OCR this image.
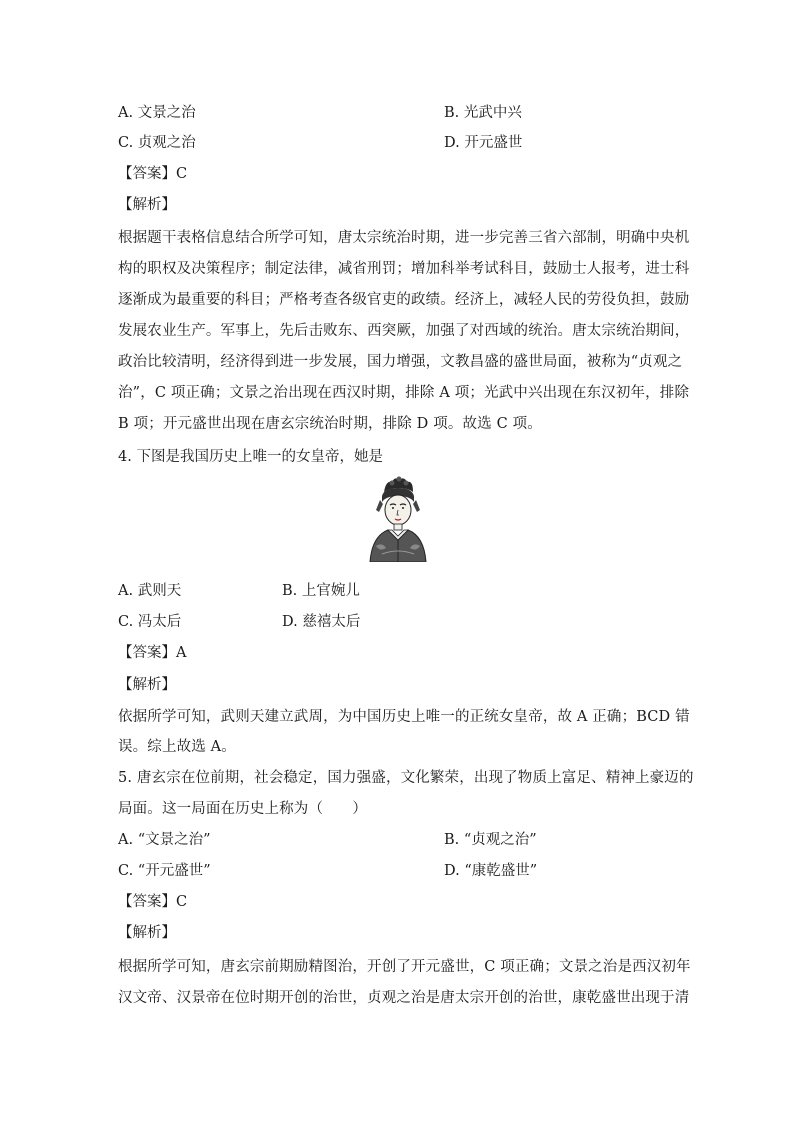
A. 文景之治	B. 光武中兴
C. 贞观之治	D. 开元盛世
【答案】C
【解析】
根据题干表格信息结合所学可知，唐太宗统治时期，进一步完善三省六部制，明确中央机
构的职权及决策程序；制定法律，减省刑罚；增加科举考试科目，鼓励士人报考，进士科
逐渐成为最重要的科目；严格考查各级官吏的政绩。经济上，减轻人民的劳役负担，鼓励
发展农业生产。军事上，先后击败东、西突厥，加强了对西域的统治。唐太宗统治期间，
政治比较清明，经济得到进一步发展，国力增强，文教昌盛的盛世局面，被称为“贞观之
治”，C 项正确；文景之治出现在西汉时期，排除 A 项；光武中兴出现在东汉初年，排除
B 项；开元盛世出现在唐玄宗统治时期，排除 D 项。故选 C 项。
4. 下图是我国历史上唯一的女皇帝，她是
A. 武则天	B. 上官婉儿
C. 冯太后	D. 慈禧太后
【答案】A
【解析】
依据所学可知，武则天建立武周，为中国历史上唯一的正统女皇帝，故 A 正确；BCD 错
误。综上故选 A。
5. 唐玄宗在位前期，社会稳定，国力强盛，文化繁荣，出现了物质上富足、精神上豪迈的
局面。这一局面在历史上称为（　　）
A. “文景之治”	B. “贞观之治”
C. “开元盛世”	D. “康乾盛世”
【答案】C
【解析】
根据所学可知，唐玄宗前期励精图治，开创了开元盛世，C 项正确；文景之治是西汉初年
汉文帝、汉景帝在位时期开创的治世，贞观之治是唐太宗开创的治世，康乾盛世出现于清
